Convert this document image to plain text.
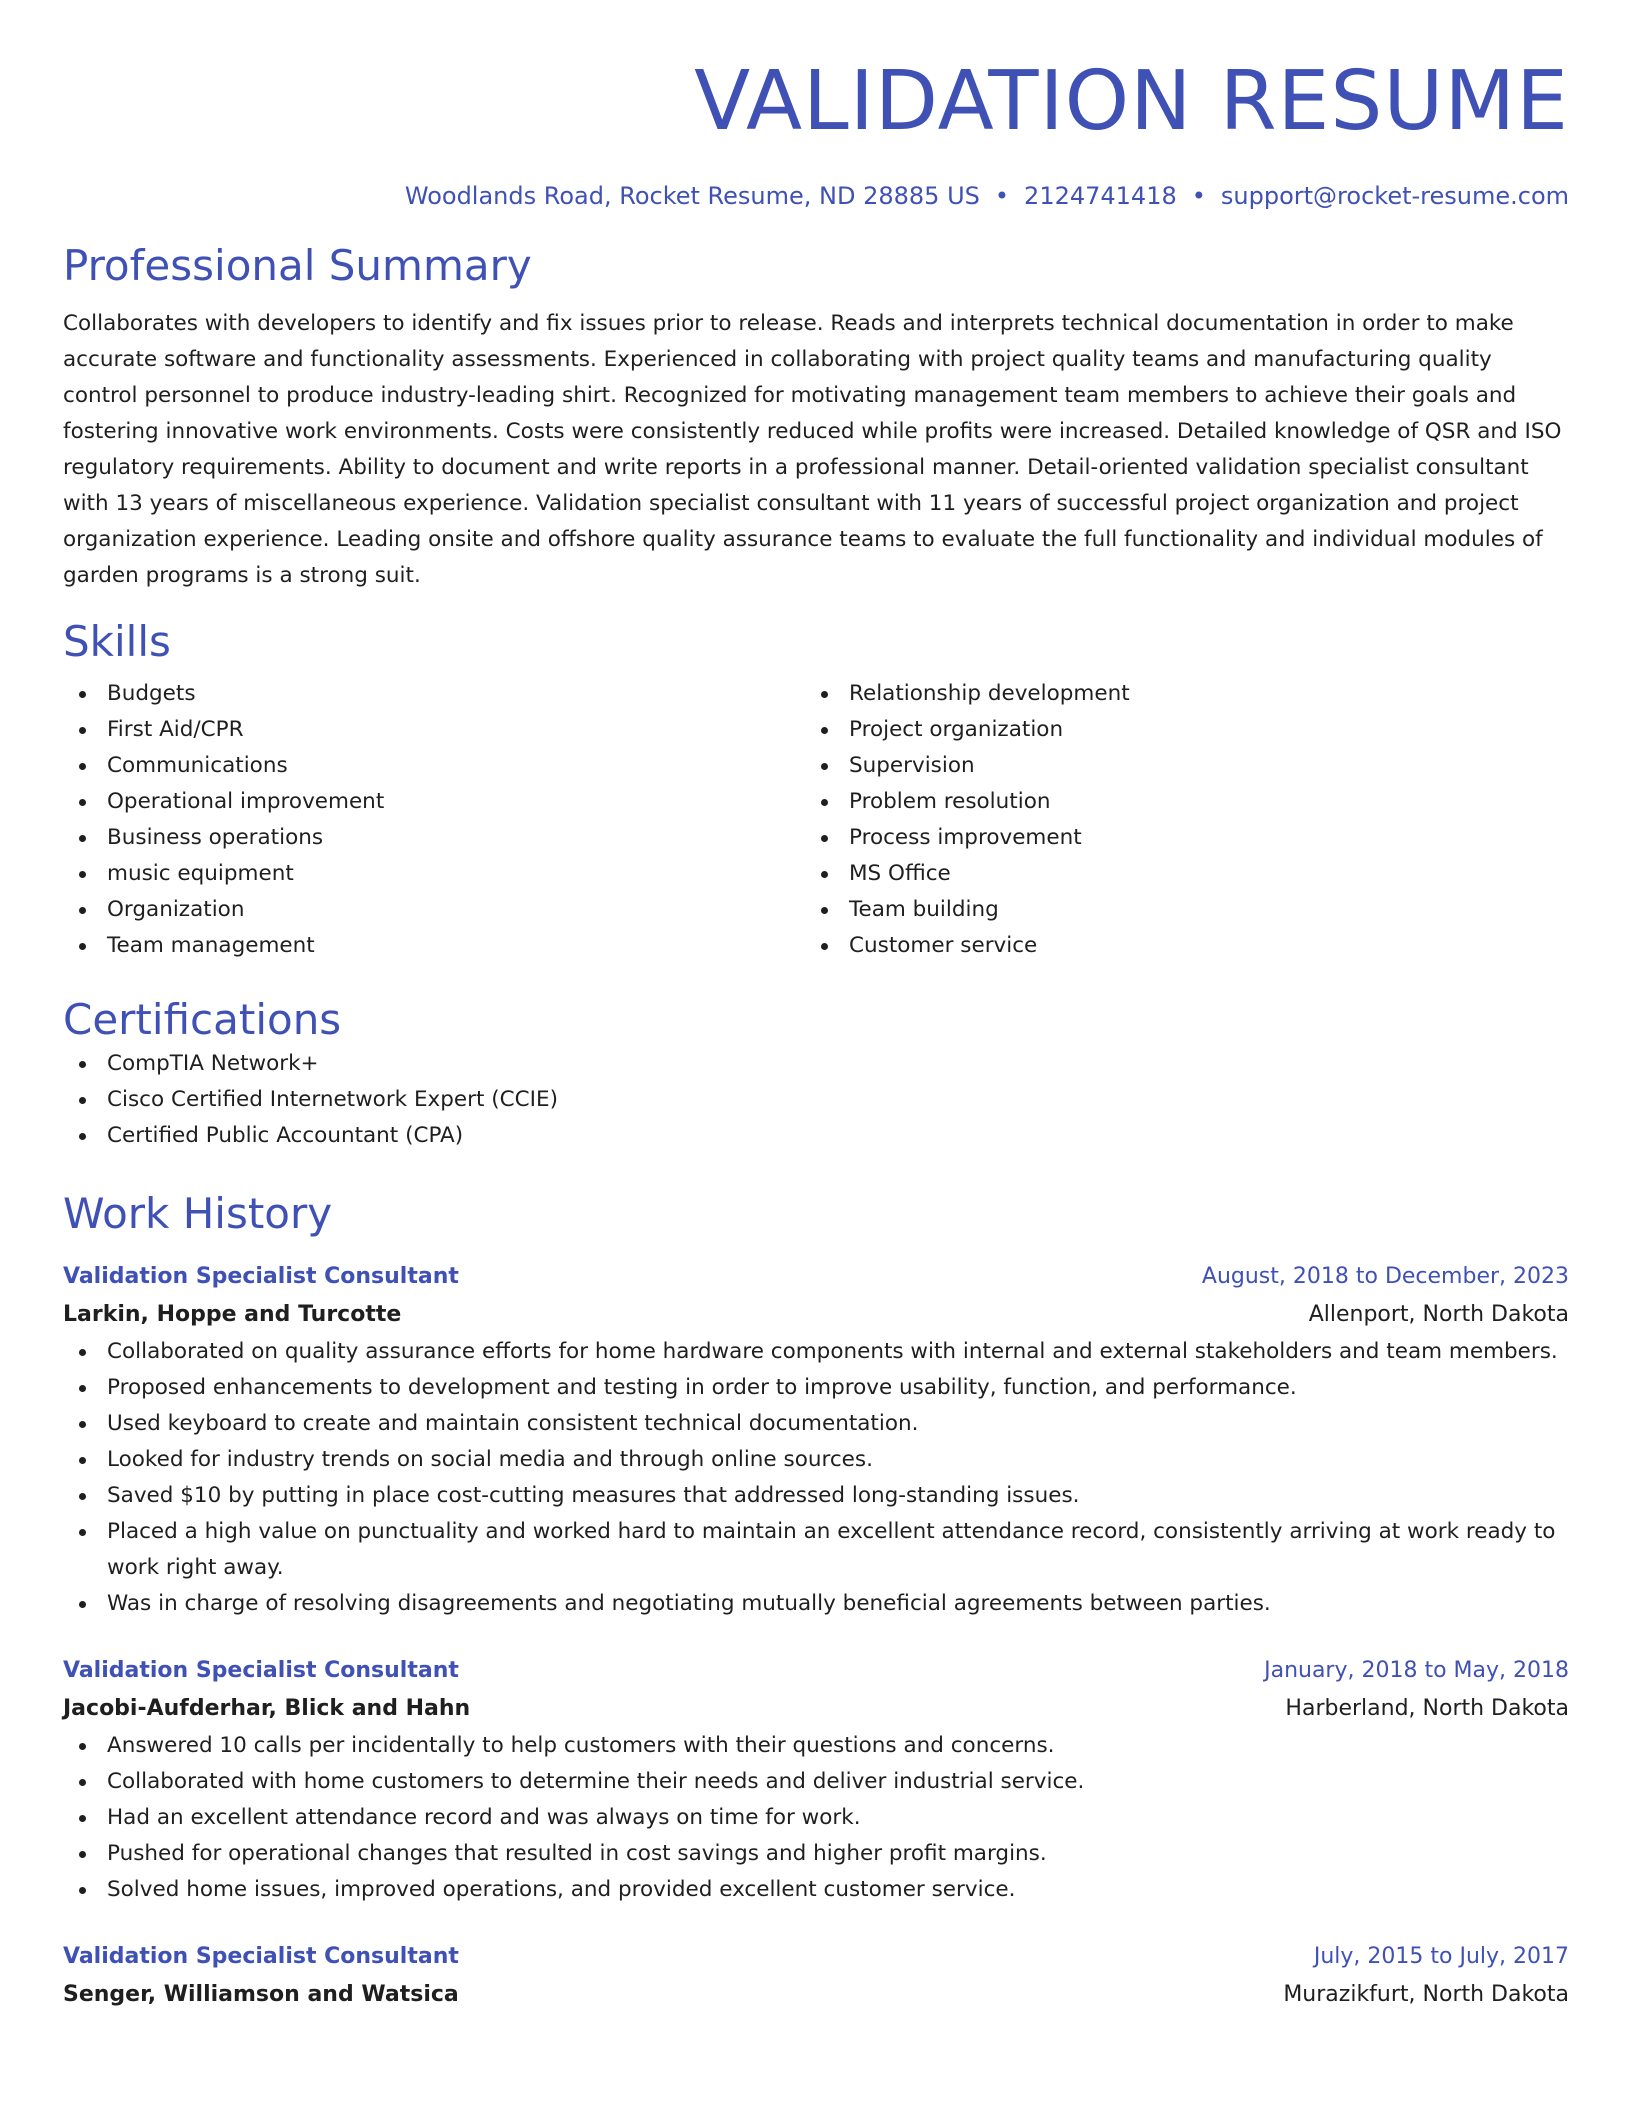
VALIDATION RESUME
Woodlands Road, Rocket Resume, ND 28885 US • 2124741418 • support@rocket-resume.com
Professional Summary

Collaborates with developers to identify and fix issues prior to release. Reads and interprets technical documentation in order to make accurate software and functionality assessments. Experienced in collaborating with project quality teams and manufacturing quality control personnel to produce industry-leading shirt. Recognized for motivating management team members to achieve their goals and fostering innovative work environments. Costs were consistently reduced while profits were increased. Detailed knowledge of QSR and ISO regulatory requirements. Ability to document and write reports in a professional manner. Detail-oriented validation specialist consultant with 13 years of miscellaneous experience. Validation specialist consultant with 11 years of successful project organization and project organization experience. Leading onsite and offshore quality assurance teams to evaluate the full functionality and individual modules of garden programs is a strong suit.

Skills
Budgets
First Aid/CPR
Communications
Operational improvement
Business operations
music equipment
Organization
Team management
Relationship development
Project organization
Supervision
Problem resolution
Process improvement
MS Office
Team building
Customer service
Certifications
CompTIA Network+
Cisco Certified Internetwork Expert (CCIE)
Certified Public Accountant (CPA)
Work History
Validation Specialist Consultant	August, 2018 to December, 2023
Larkin, Hoppe and Turcotte	Allenport, North Dakota
Collaborated on quality assurance efforts for home hardware components with internal and external stakeholders and team members.
Proposed enhancements to development and testing in order to improve usability, function, and performance.
Used keyboard to create and maintain consistent technical documentation.
Looked for industry trends on social media and through online sources.
Saved $10 by putting in place cost-cutting measures that addressed long-standing issues.
Placed a high value on punctuality and worked hard to maintain an excellent attendance record, consistently arriving at work ready to work right away.
Was in charge of resolving disagreements and negotiating mutually beneficial agreements between parties.
Validation Specialist Consultant	January, 2018 to May, 2018
Jacobi-Aufderhar, Blick and Hahn	Harberland, North Dakota
Answered 10 calls per incidentally to help customers with their questions and concerns.
Collaborated with home customers to determine their needs and deliver industrial service.
Had an excellent attendance record and was always on time for work.
Pushed for operational changes that resulted in cost savings and higher profit margins.
Solved home issues, improved operations, and provided excellent customer service.
Validation Specialist Consultant	July, 2015 to July, 2017
Senger, Williamson and Watsica	Murazikfurt, North Dakota
